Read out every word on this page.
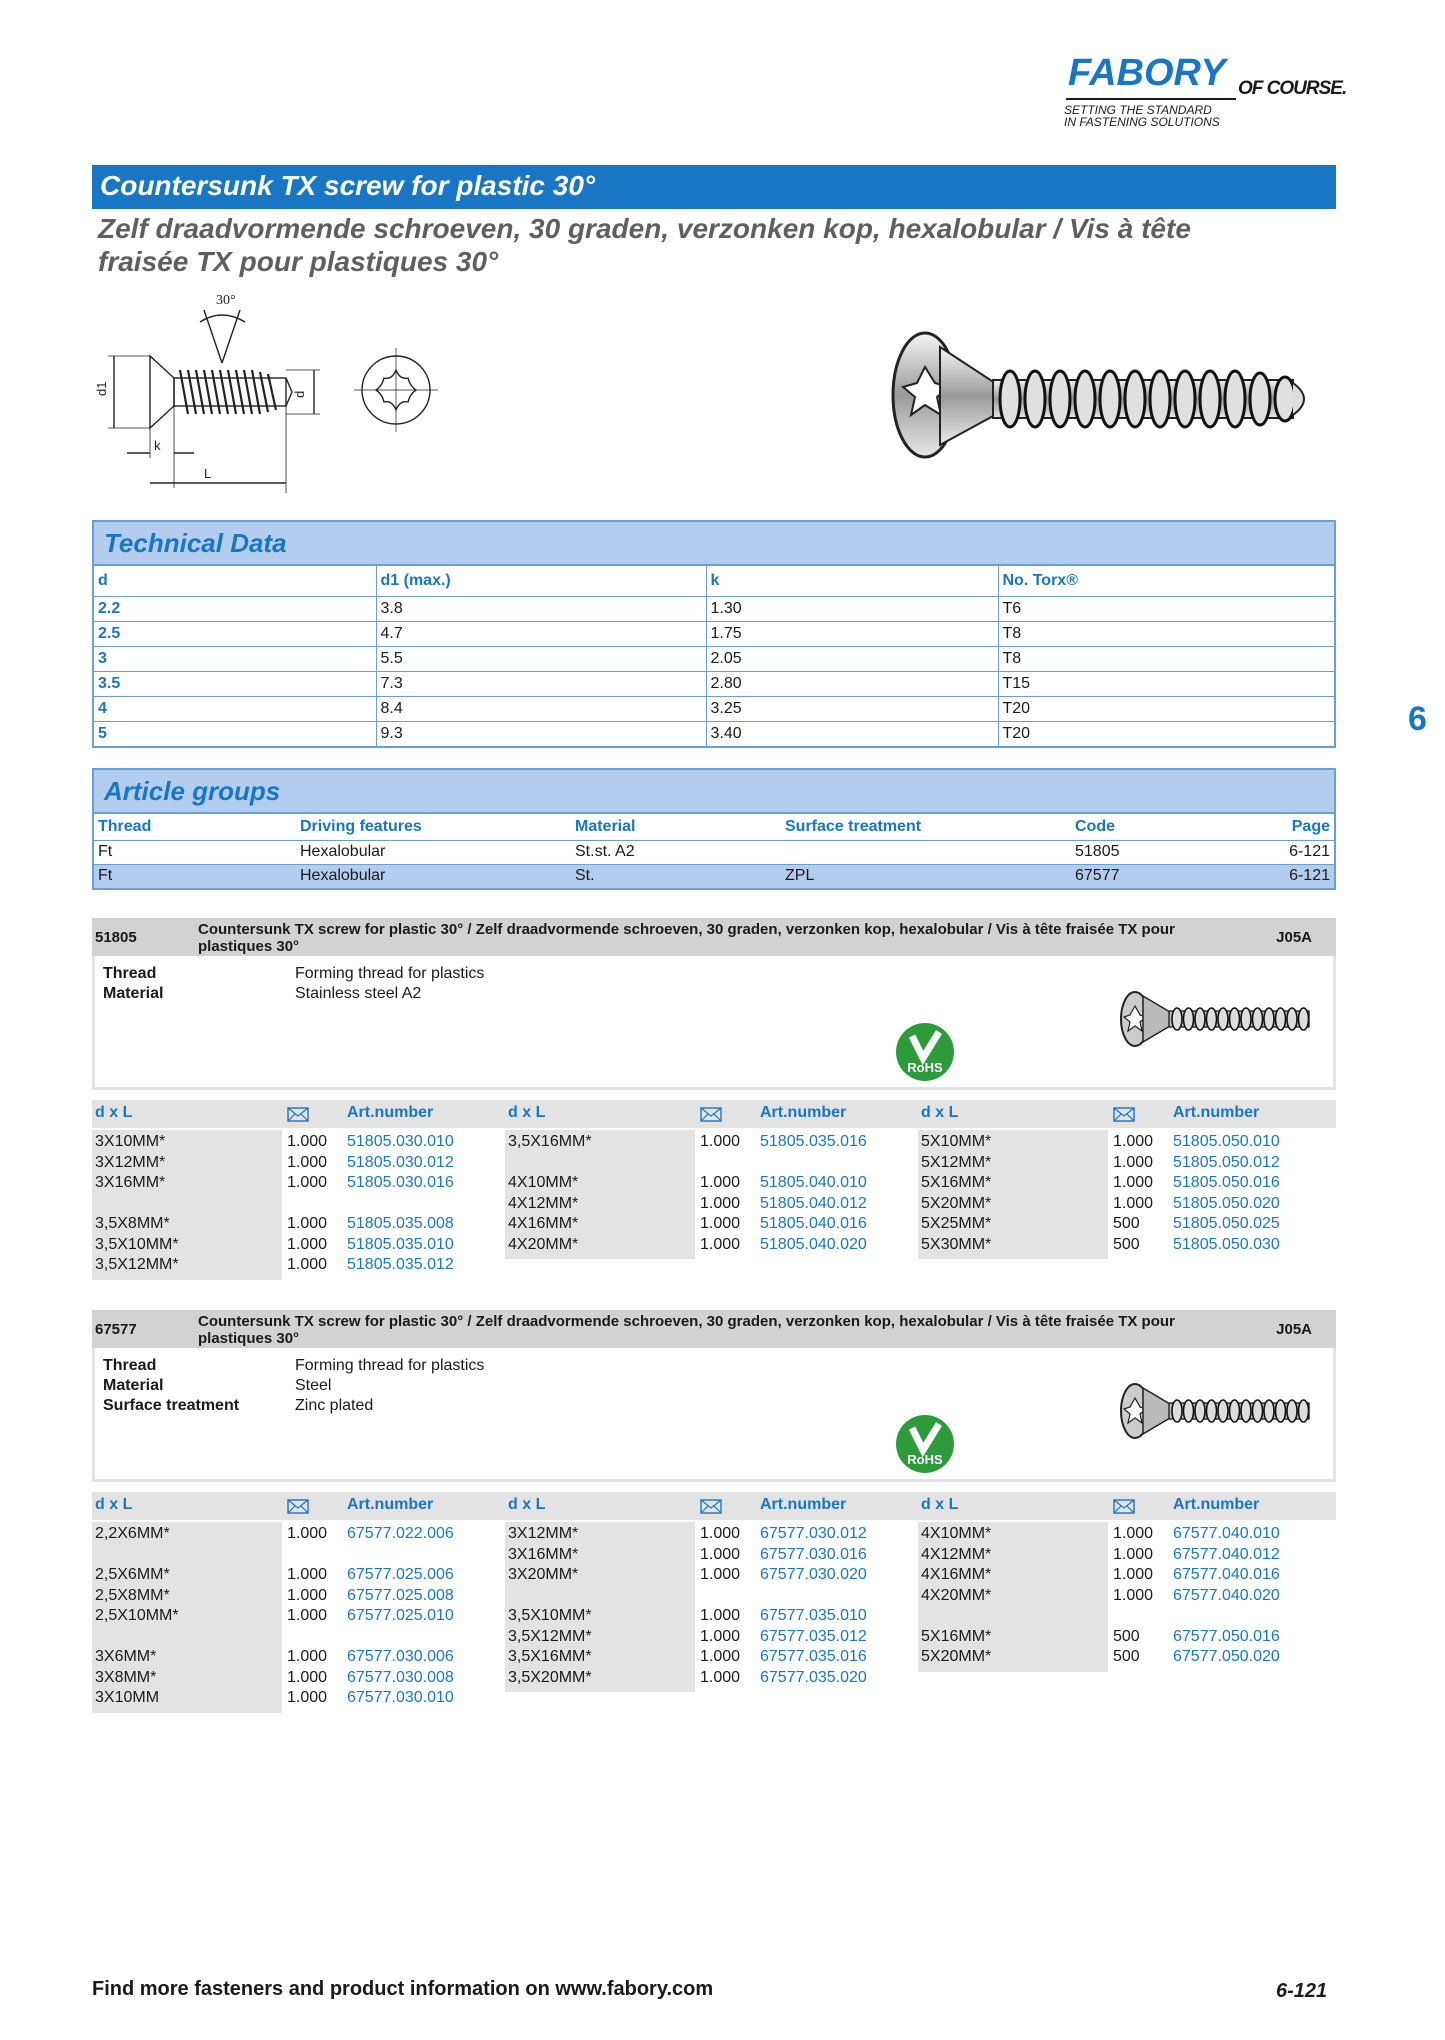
FABORY OF COURSE.
SETTING THE STANDARD
IN FASTENING SOLUTIONS
Countersunk TX screw for plastic 30°
Zelf draadvormende schroeven, 30 graden, verzonken kop, hexalobular / Vis à tête fraisée TX pour plastiques 30°
30°
d1	d
k
L
Technical Data
d	d1 (max.)	k	No. Torx®
2.2	3.8	1.30	T6
2.5	4.7	1.75	T8
3	5.5	2.05	T8
3.5	7.3	2.80	T15
4	8.4	3.25	T20
5	9.3	3.40	T20	6
Article groups
Thread	Driving features	Material	Surface treatment	Code	Page
Ft	Hexalobular	St.st. A2		51805	6-121
Ft	Hexalobular	St.	ZPL	67577	6-121
51805	Countersunk TX screw for plastic 30° / Zelf draadvormende schroeven, 30 graden, verzonken kop, hexalobular / Vis à tête fraisée TX pour plastiques 30°
J05A
Thread	Forming thread for plastics
Material	Stainless steel A2
RoHS
d x L	Art.number	d x L	Art.number	d x L	Art.number
3X10MM*	1.000 51805.030.010
3X12MM*	1.000 51805.030.012
3X16MM*	1.000 51805.030.016
3,5X8MM*	1.000 51805.035.008
3,5X10MM*	1.000 51805.035.010
3,5X12MM*	1.000 51805.035.012
3,5X16MM*	1.000 51805.035.016
4X10MM*	1.000 51805.040.010
4X12MM*	1.000 51805.040.012
4X16MM*	1.000 51805.040.016
4X20MM*	1.000 51805.040.020
5X10MM*	1.000 51805.050.010
5X12MM*	1.000 51805.050.012
5X16MM*	1.000 51805.050.016
5X20MM*	1.000 51805.050.020
5X25MM*	500 51805.050.025
5X30MM*	500 51805.050.030
67577	Countersunk TX screw for plastic 30° / Zelf draadvormende schroeven, 30 graden, verzonken kop, hexalobular / Vis à tête fraisée TX pour plastiques 30°
J05A
Thread	Forming thread for plastics
Material	Steel
Surface treatment	Zinc plated
RoHS
d x L	Art.number	d x L	Art.number	d x L	Art.number
2,2X6MM*	1.000 67577.022.006
2,5X6MM*	1.000 67577.025.006
2,5X8MM*	1.000 67577.025.008
2,5X10MM*	1.000 67577.025.010
3X6MM*	1.000 67577.030.006
3X8MM*	1.000 67577.030.008
3X10MM	1.000 67577.030.010
3X12MM*	1.000 67577.030.012
3X16MM*	1.000 67577.030.016
3X20MM*	1.000 67577.030.020
3,5X10MM*	1.000 67577.035.010
3,5X12MM*	1.000 67577.035.012
3,5X16MM*	1.000 67577.035.016
3,5X20MM*	1.000 67577.035.020
4X10MM*	1.000 67577.040.010
4X12MM*	1.000 67577.040.012
4X16MM*	1.000 67577.040.016
4X20MM*	1.000 67577.040.020
5X16MM*	500 67577.050.016
5X20MM*	500 67577.050.020
Find more fasteners and product information on www.fabory.com	6-121
